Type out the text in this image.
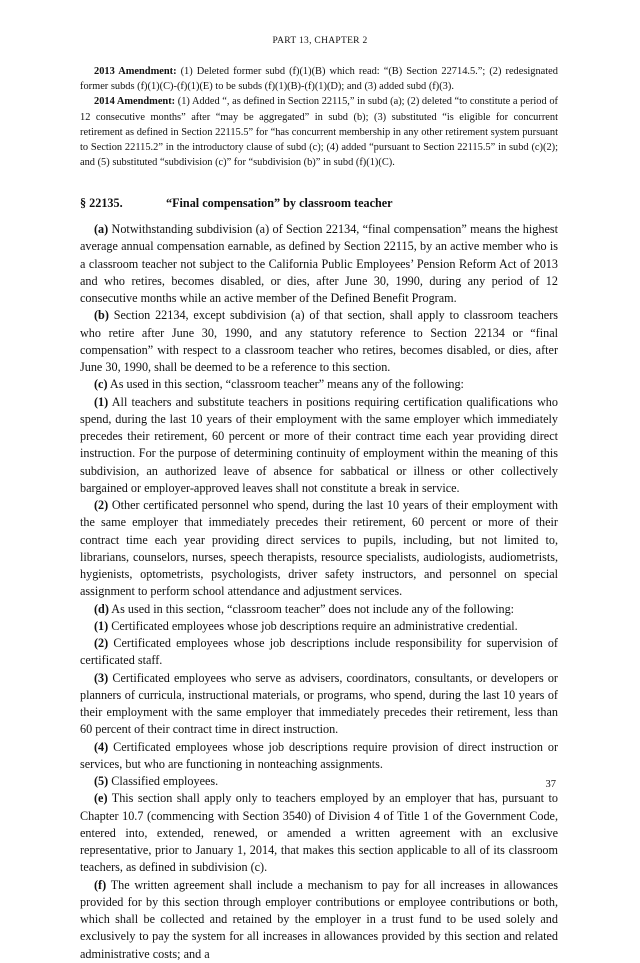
PART 13, CHAPTER 2

2013 Amendment: (1) Deleted former subd (f)(1)(B) which read: “(B) Section 22714.5.”; (2) redesignated former subds (f)(1)(C)-(f)(1)(E) to be subds (f)(1)(B)-(f)(1)(D); and (3) added subd (f)(3).

2014 Amendment: (1) Added “, as defined in Section 22115,” in subd (a); (2) deleted “to constitute a period of 12 consecutive months” after “may be aggregated” in subd (b); (3) substituted “is eligible for concurrent retirement as defined in Section 22115.5” for “has concurrent membership in any other retirement system pursuant to Section 22115.2” in the introductory clause of subd (c); (4) added “pursuant to Section 22115.5” in subd (c)(2); and (5) substituted “subdivision (c)” for “subdivision (b)” in subd (f)(1)(C).

§ 22135.	“Final compensation” by classroom teacher

(a) Notwithstanding subdivision (a) of Section 22134, “final compensation” means the highest average annual compensation earnable, as defined by Section 22115, by an active member who is a classroom teacher not subject to the California Public Employees’ Pension Reform Act of 2013 and who retires, becomes disabled, or dies, after June 30, 1990, during any period of 12 consecutive months while an active member of the Defined Benefit Program.

(b) Section 22134, except subdivision (a) of that section, shall apply to classroom teachers who retire after June 30, 1990, and any statutory reference to Section 22134 or “final compensation” with respect to a classroom teacher who retires, becomes disabled, or dies, after June 30, 1990, shall be deemed to be a reference to this section.

(c) As used in this section, “classroom teacher” means any of the following:

(1) All teachers and substitute teachers in positions requiring certification qualifications who spend, during the last 10 years of their employment with the same employer which immediately precedes their retirement, 60 percent or more of their contract time each year providing direct instruction. For the purpose of determining continuity of employment within the meaning of this subdivision, an authorized leave of absence for sabbatical or illness or other collectively bargained or employer-approved leaves shall not constitute a break in service.

(2) Other certificated personnel who spend, during the last 10 years of their employment with the same employer that immediately precedes their retirement, 60 percent or more of their contract time each year providing direct services to pupils, including, but not limited to, librarians, counselors, nurses, speech therapists, resource specialists, audiologists, audiometrists, hygienists, optometrists, psychologists, driver safety instructors, and personnel on special assignment to perform school attendance and adjustment services.

(d) As used in this section, “classroom teacher” does not include any of the following:

(1) Certificated employees whose job descriptions require an administrative credential.

(2) Certificated employees whose job descriptions include responsibility for supervision of certificated staff.

(3) Certificated employees who serve as advisers, coordinators, consultants, or developers or planners of curricula, instructional materials, or programs, who spend, during the last 10 years of their employment with the same employer that immediately precedes their retirement, less than 60 percent of their contract time in direct instruction.

(4) Certificated employees whose job descriptions require provision of direct instruction or services, but who are functioning in nonteaching assignments.

(5) Classified employees.

(e) This section shall apply only to teachers employed by an employer that has, pursuant to Chapter 10.7 (commencing with Section 3540) of Division 4 of Title 1 of the Government Code, entered into, extended, renewed, or amended a written agreement with an exclusive representative, prior to January 1, 2014, that makes this section applicable to all of its classroom teachers, as defined in subdivision (c).

(f) The written agreement shall include a mechanism to pay for all increases in allowances provided for by this section through employer contributions or employee contributions or both, which shall be collected and retained by the employer in a trust fund to be used solely and exclusively to pay the system for all increases in allowances provided by this section and related administrative costs; and a

37
